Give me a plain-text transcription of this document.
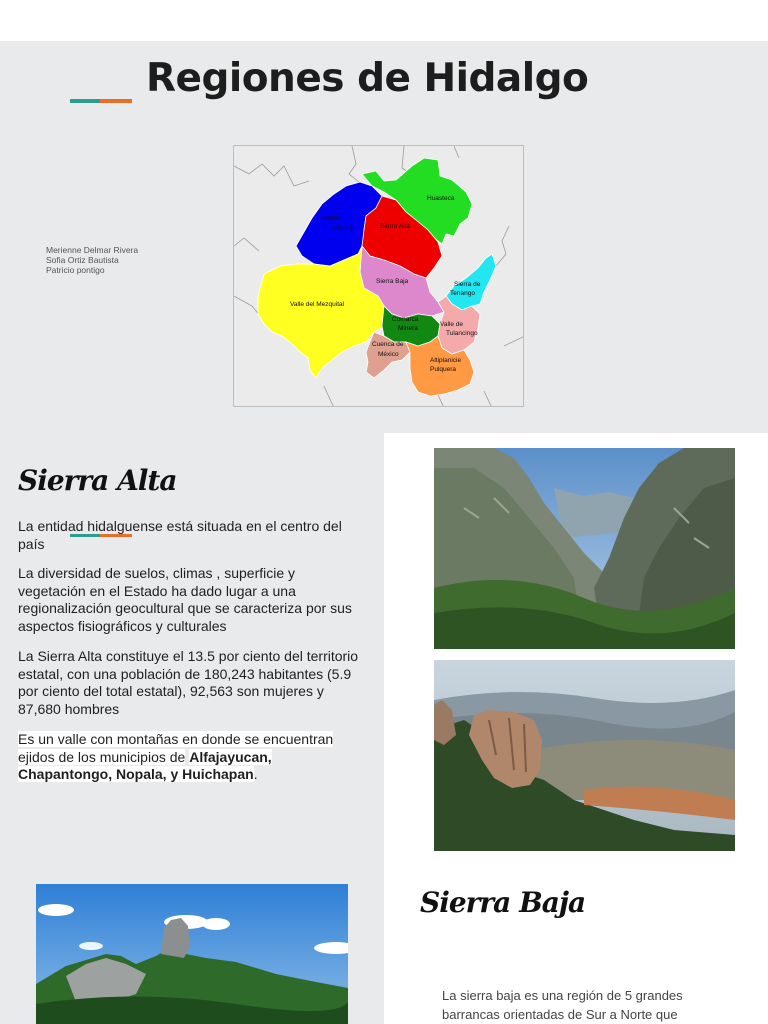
Regiones de Hidalgo
Merienne Delmar Rivera
Sofia Ortiz Bautista
Patricio pontigo
Huasteca
Sierra
Gorda	Sierra Alta
Sierra Baja	Sierra de
Tenango
Valle del Mezquital
Comarca
Minera
Valle de
Tulancingo
Cuenca de
México
Altiplanicie
Pulquera
Sierra Alta

La entidad hidalguense está situada en el centro del país

La diversidad de suelos, climas , superficie y vegetación en el Estado ha dado lugar a una regionalización geocultural que se caracteriza por sus aspectos fisiográficos y culturales

La Sierra Alta constituye el 13.5 por ciento del territorio estatal, con una población de 180,243 habitantes (5.9 por ciento del total estatal), 92,563 son mujeres y 87,680 hombres

Es un valle con montañas en donde se encuentran ejidos de los municipios de Alfajayucan, Chapantongo, Nopala, y Huichapan.

Sierra Baja

La sierra baja es una región de 5 grandes barrancas orientadas de Sur a Norte que
